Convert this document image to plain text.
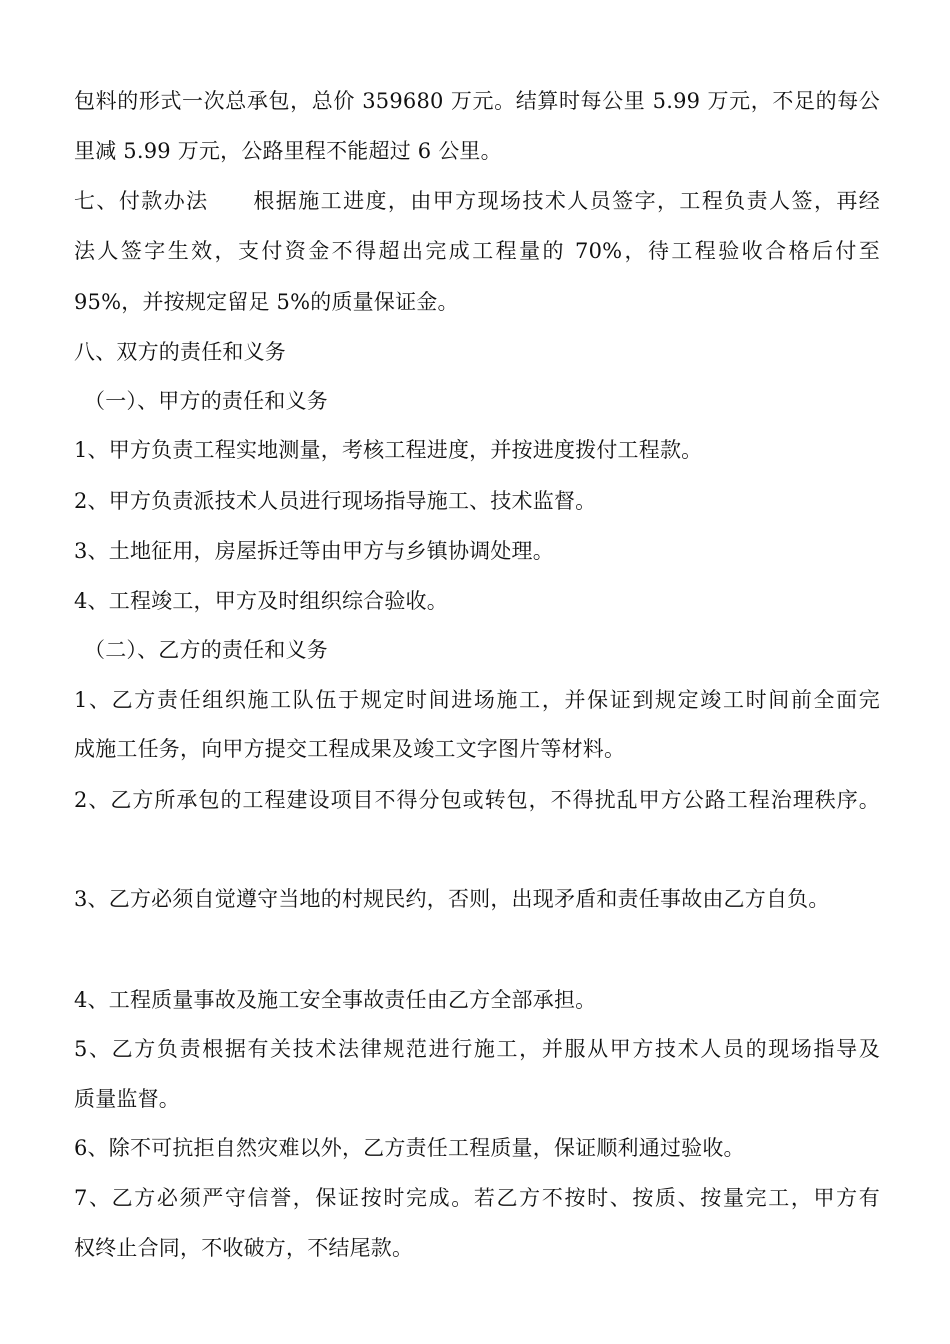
包料的形式一次总承包，总价 359680 万元。结算时每公里 5.99 万元，不足的每公
里减 5.99 万元，公路里程不能超过 6 公里。
七、付款办法　　根据施工进度，由甲方现场技术人员签字，工程负责人签，再经
法人签字生效，支付资金不得超出完成工程量的 70%，待工程验收合格后付至
95%，并按规定留足 5%的质量保证金。
八、双方的责任和义务
（一）、甲方的责任和义务
1、甲方负责工程实地测量，考核工程进度，并按进度拨付工程款。
2、甲方负责派技术人员进行现场指导施工、技术监督。
3、土地征用，房屋拆迁等由甲方与乡镇协调处理。
4、工程竣工，甲方及时组织综合验收。
（二）、乙方的责任和义务
1、乙方责任组织施工队伍于规定时间进场施工，并保证到规定竣工时间前全面完
成施工任务，向甲方提交工程成果及竣工文字图片等材料。
2、乙方所承包的工程建设项目不得分包或转包，不得扰乱甲方公路工程治理秩序。
3、乙方必须自觉遵守当地的村规民约，否则，出现矛盾和责任事故由乙方自负。
4、工程质量事故及施工安全事故责任由乙方全部承担。
5、乙方负责根据有关技术法律规范进行施工，并服从甲方技术人员的现场指导及
质量监督。
6、除不可抗拒自然灾难以外，乙方责任工程质量，保证顺利通过验收。
7、乙方必须严守信誉，保证按时完成。若乙方不按时、按质、按量完工，甲方有
权终止合同，不收破方，不结尾款。
